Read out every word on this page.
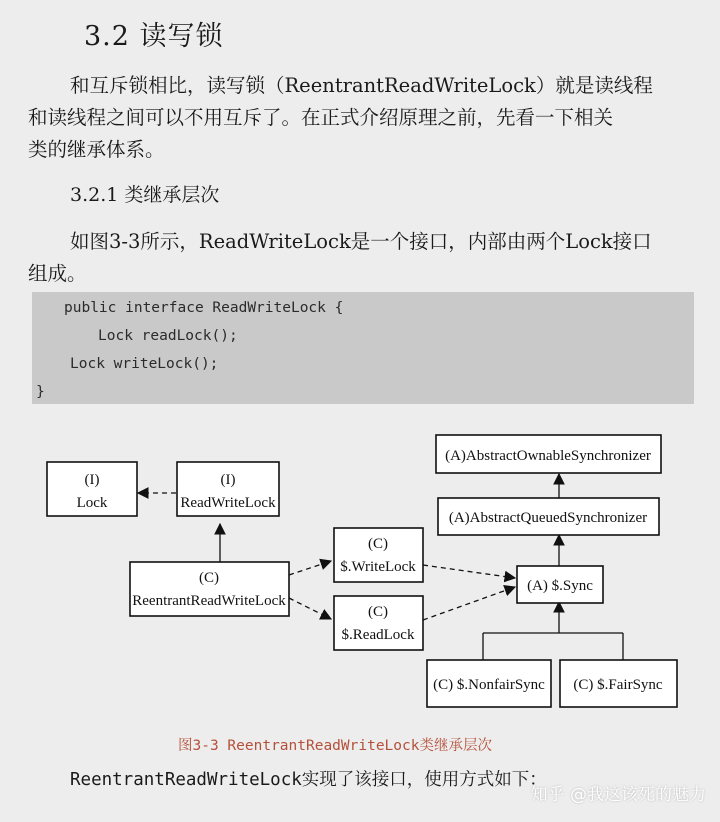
3.2 读写锁
和互斥锁相比，读写锁（ReentrantReadWriteLock）就是读线程
和读线程之间可以不用互斥了。在正式介绍原理之前，先看一下相关
类的继承体系。
3.2.1 类继承层次
如图3-3所示，ReadWriteLock是一个接口，内部由两个Lock接口
组成。
public interface ReadWriteLock {
Lock readLock();
Lock writeLock();
}
(I)
Lock
(I)
ReadWriteLock
(C)
ReentrantReadWriteLock
(C)
$.WriteLock
(C)
$.ReadLock
(A)AbstractOwnableSynchronizer
(A)AbstractQueuedSynchronizer
(A) $.Sync
(C) $.NonfairSync (C) $.FairSync
图3-3 ReentrantReadWriteLock类继承层次
ReentrantReadWriteLock实现了该接口，使用方式如下：
知乎 @我这该死的魅力
